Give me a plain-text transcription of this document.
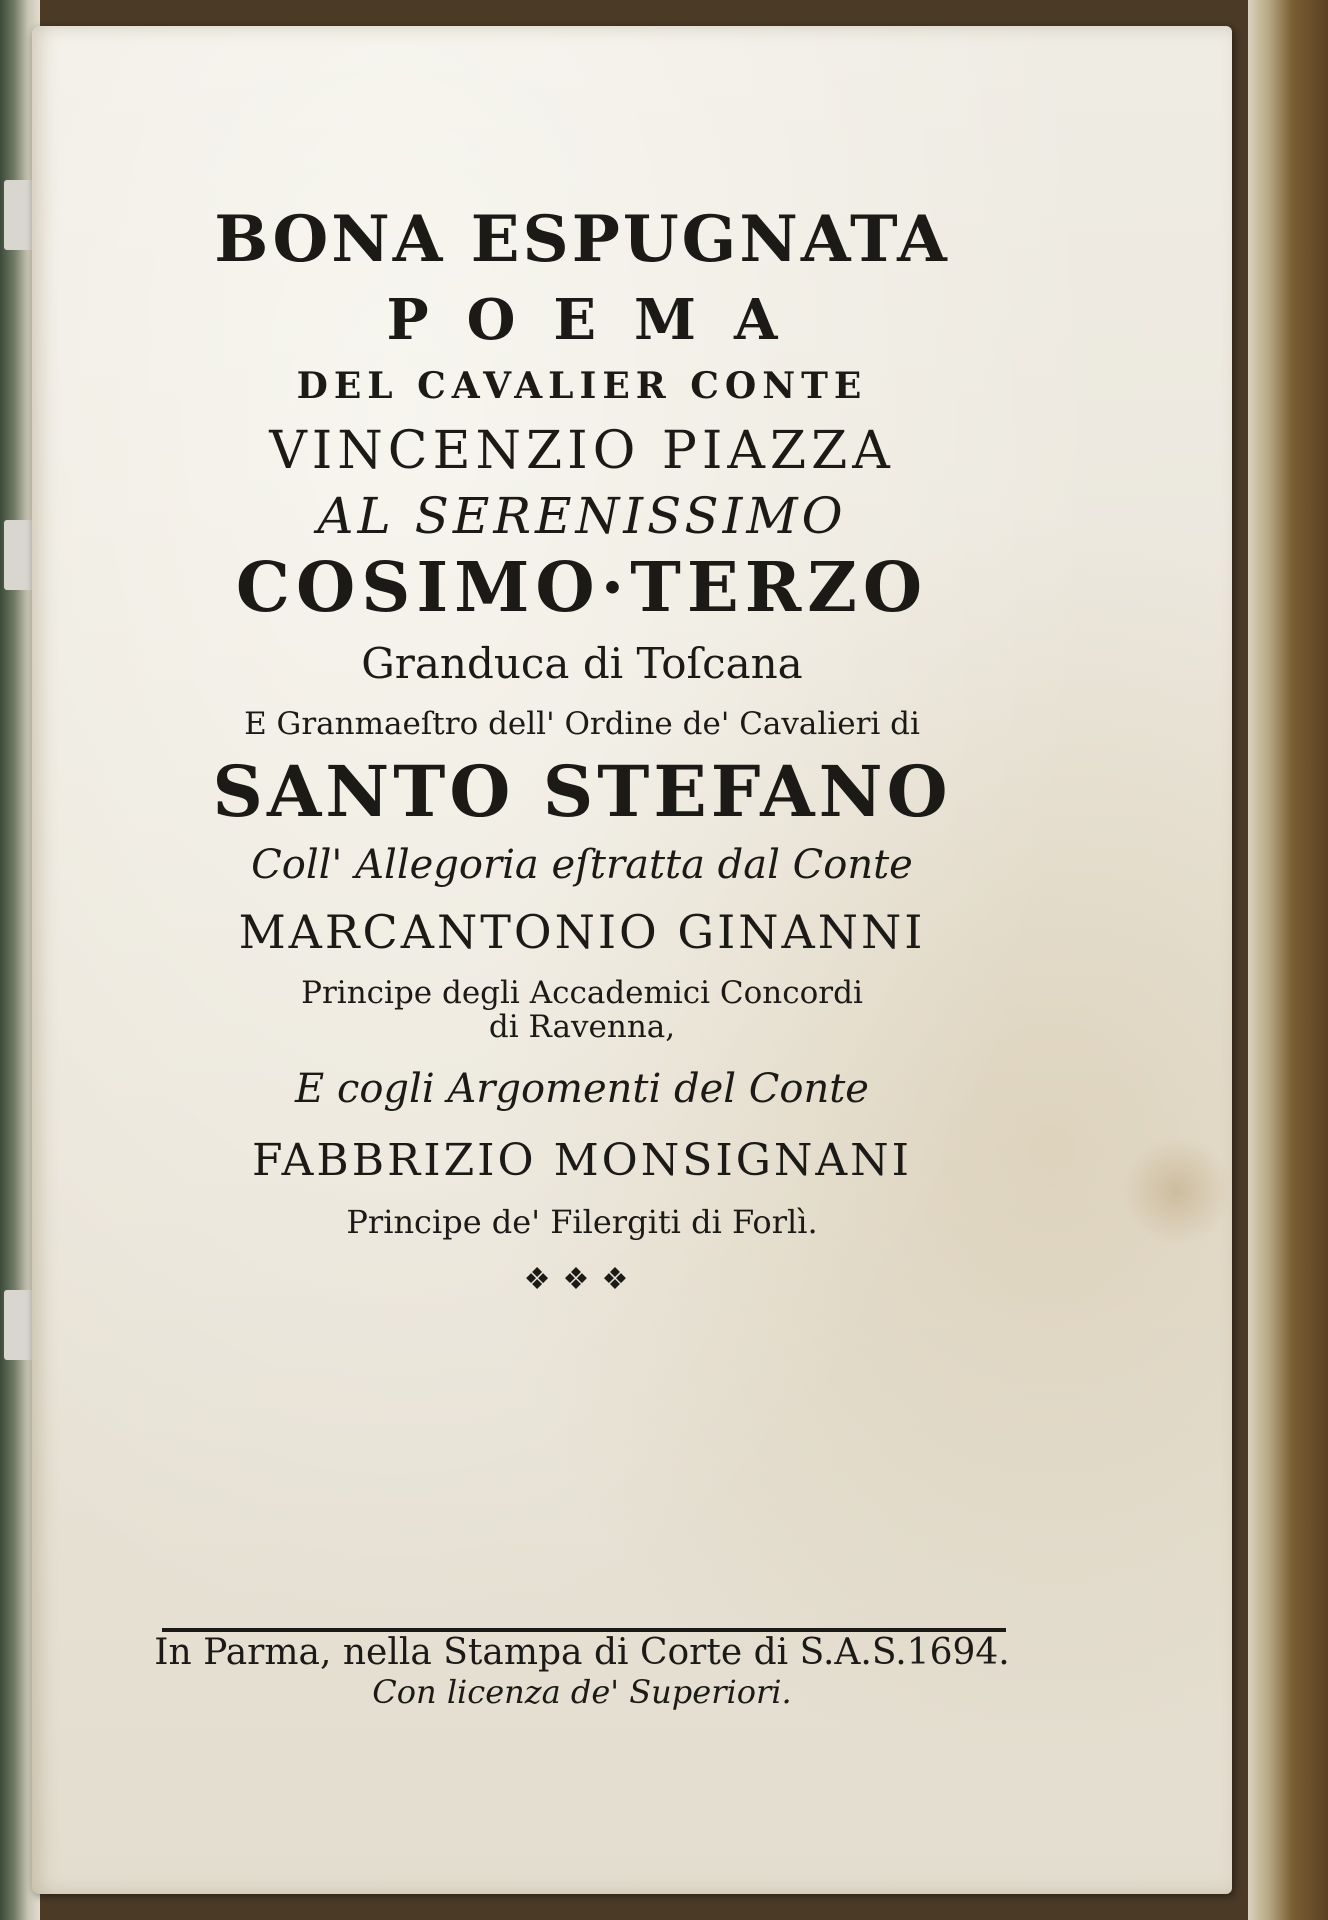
BONA ESPUGNATA
POEMA
DEL CAVALIER CONTE
VINCENZIO PIAZZA
AL SERENISSIMO
COSIMO·TERZO
Granduca di Toſcana
E Granmaeſtro dell' Ordine de' Cavalieri di
SANTO STEFANO
Coll' Allegoria eſtratta dal Conte
MARCANTONIO GINANNI
Principe degli Accademici Concordi
di Ravenna,
E cogli Argomenti del Conte
FABBRIZIO MONSIGNANI
Principe de' Filergiti di Forlì.
❖❖❖
In Parma, nella Stampa di Corte di S.A.S.1694.
Con licenza de' Superiori.
